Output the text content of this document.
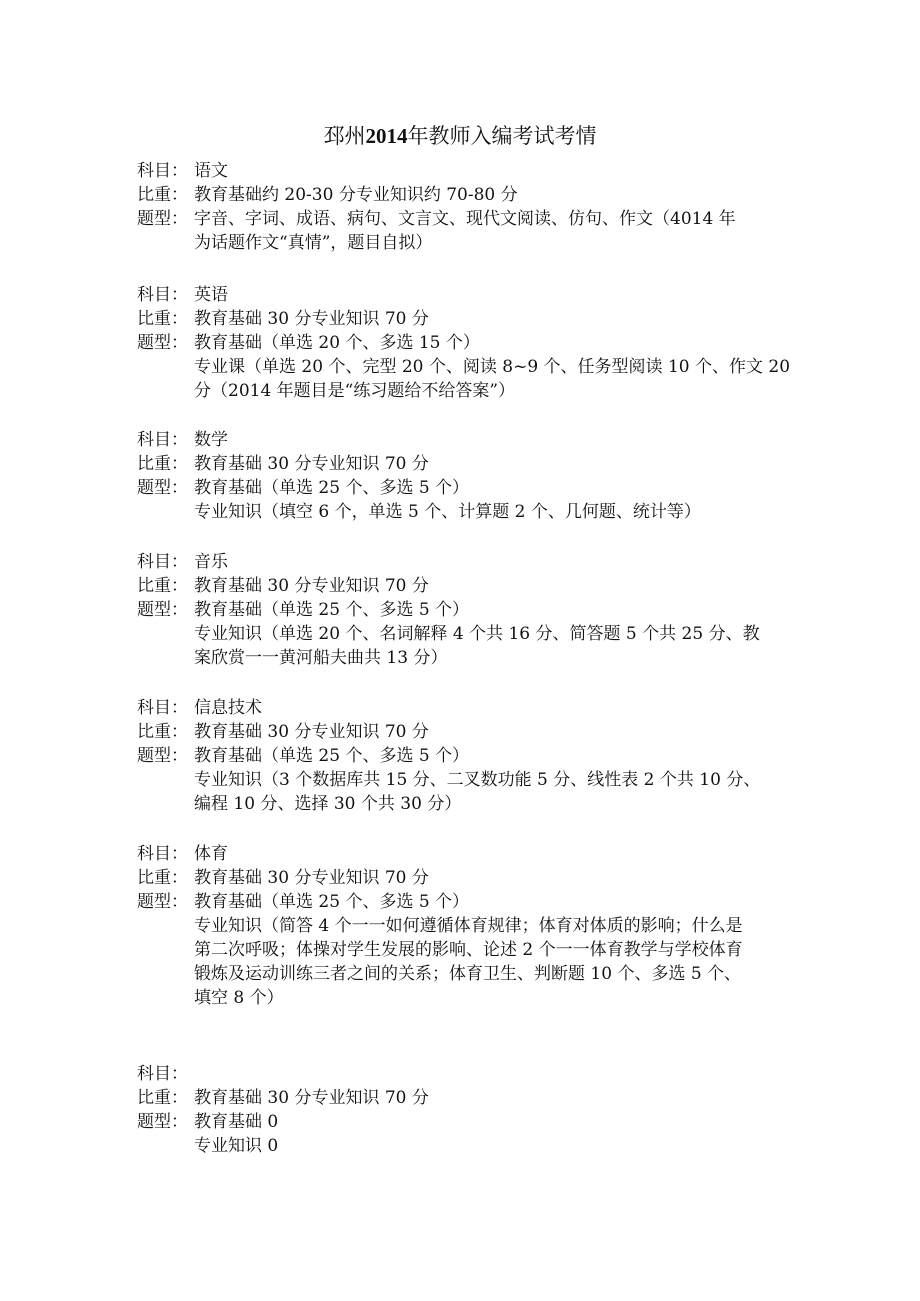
邳州2014年教师入编考试考情
科目： 语文
比重： 教育基础约 20-30 分专业知识约 70-80 分
题型： 字音、字词、成语、病句、文言文、现代文阅读、仿句、作文（4014 年
为话题作文“真情”，题目自拟）
科目： 英语
比重： 教育基础 30 分专业知识 70 分
题型： 教育基础（单选 20 个、多选 15 个）
专业课（单选 20 个、完型 20 个、阅读 8~9 个、任务型阅读 10 个、作文 20
分（2014 年题目是“练习题给不给答案”）
科目： 数学
比重： 教育基础 30 分专业知识 70 分
题型： 教育基础（单选 25 个、多选 5 个）
专业知识（填空 6 个，单选 5 个、计算题 2 个、几何题、统计等）
科目： 音乐
比重： 教育基础 30 分专业知识 70 分
题型： 教育基础（单选 25 个、多选 5 个）
专业知识（单选 20 个、名词解释 4 个共 16 分、简答题 5 个共 25 分、教
案欣赏一一黄河船夫曲共 13 分）
科目： 信息技术
比重： 教育基础 30 分专业知识 70 分
题型： 教育基础（单选 25 个、多选 5 个）
专业知识（3 个数据库共 15 分、二叉数功能 5 分、线性表 2 个共 10 分、
编程 10 分、选择 30 个共 30 分）
科目： 体育
比重： 教育基础 30 分专业知识 70 分
题型： 教育基础（单选 25 个、多选 5 个）
专业知识（简答 4 个一一如何遵循体育规律；体育对体质的影响；什么是
第二次呼吸；体操对学生发展的影响、论述 2 个一一体育教学与学校体育
锻炼及运动训练三者之间的关系；体育卫生、判断题 10 个、多选 5 个、
填空 8 个）
科目：
比重： 教育基础 30 分专业知识 70 分
题型： 教育基础 0
专业知识 0
